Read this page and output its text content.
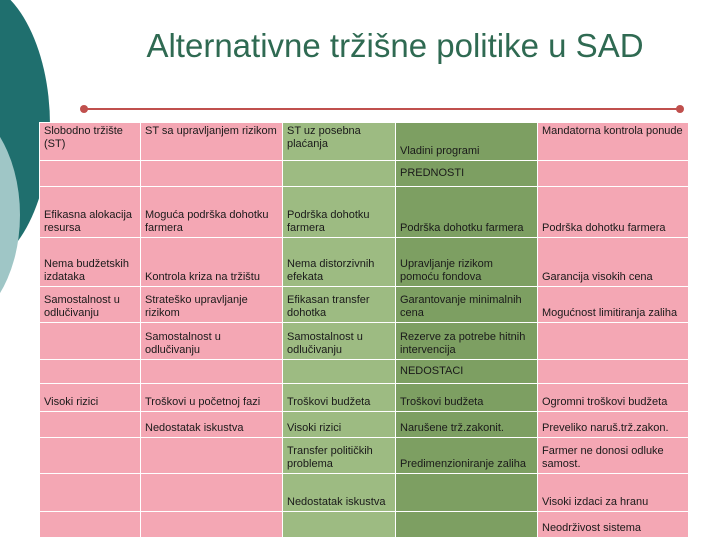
Alternativne tržišne politike u SAD
Slobodno tržište (ST)	ST sa upravljanjem rizikom	ST uz posebna plaćanja	Vladini programi	Mandatorna kontrola ponude
			PREDNOSTI	
Efikasna alokacija resursa	Moguća podrška dohotku farmera	Podrška dohotku farmera	Podrška dohotku farmera	Podrška dohotku farmera
Nema budžetskih izdataka	Kontrola kriza na tržištu	Nema distorzivnih efekata	Upravljanje rizikom pomoću fondova	Garancija visokih cena
Samostalnost u odlučivanju	Strateško upravljanje rizikom	Efikasan transfer dohotka	Garantovanje minimalnih cena	Mogućnost limitiranja zaliha
	Samostalnost u odlučivanju	Samostalnost u odlučivanju	Rezerve za potrebe hitnih intervencija	
			NEDOSTACI	
Visoki rizici	Troškovi u početnoj fazi	Troškovi budžeta	Troškovi budžeta	Ogromni troškovi budžeta
	Nedostatak iskustva	Visoki rizici	Narušene trž.zakonit.	Preveliko naruš.trž.zakon.
		Transfer političkih problema	Predimenzioniranje zaliha	Farmer ne donosi odluke samost.
		Nedostatak iskustva		Visoki izdaci za hranu
				Neodrživost sistema
